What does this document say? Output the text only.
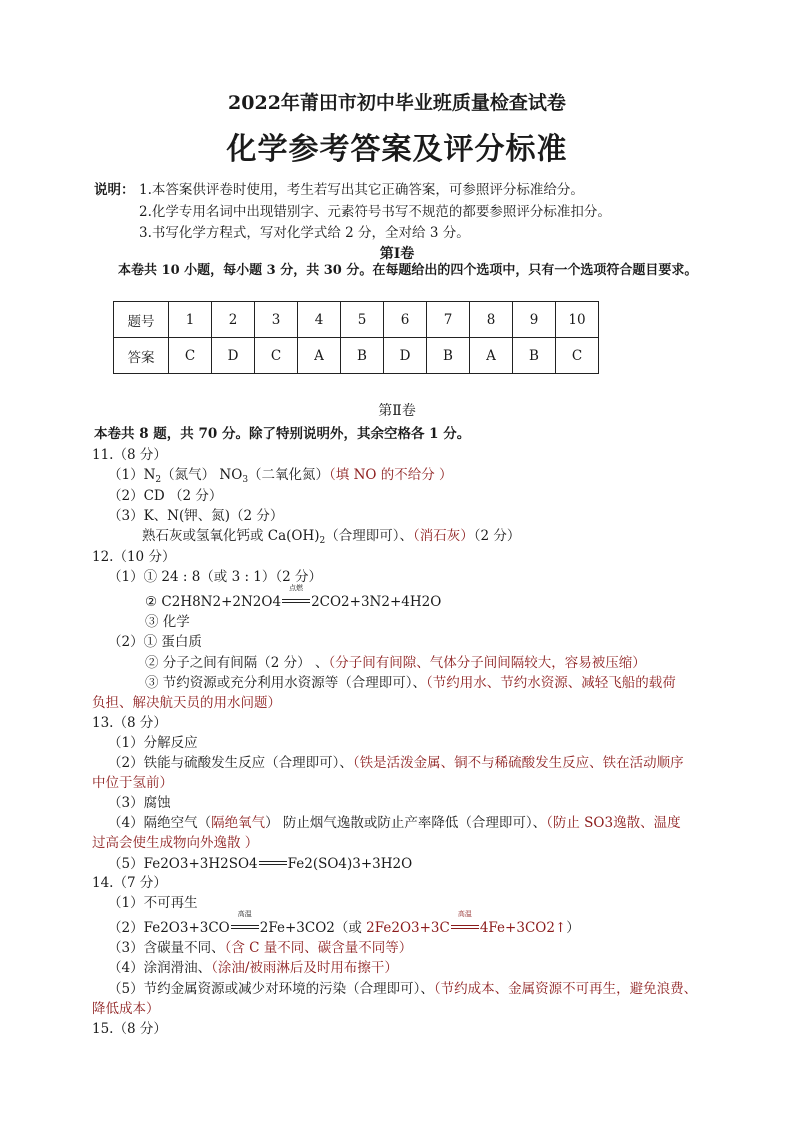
2022年莆田市初中毕业班质量检查试卷
化学参考答案及评分标准
说明： 1.本答案供评卷时使用，考生若写出其它正确答案，可参照评分标准给分。
2.化学专用名词中出现错别字、元素符号书写不规范的都要参照评分标准扣分。
3.书写化学方程式，写对化学式给 2 分，全对给 3 分。
第Ⅰ卷
本卷共 10 小题，每小题 3 分，共 30 分。在每题给出的四个选项中，只有一个选项符合题目要求。
题号	1	2	3	4	5	6	7	8	9	10
答案	C	D	C	A	B	D	B	A	B	C
第Ⅱ卷
本卷共 8 题，共 70 分。除了特别说明外，其余空格各 1 分。
11.（8 分）
$(1)N_2$（氮气） $NO_3$（二氧化氮）（填 NO 的不给分 ）
（2）CD （2 分）
（3）K、N(钾、氮)（2 分）
熟石灰或氢氧化钙或 $Ca(OH)_2$（合理即可）、（消石灰）（2 分）
12.（10 分）
（1）① 24 : 8（或 3 : 1）（2 分）
② C2H8N2+2N2O4
点燃
2CO2+3N2+4H2O
③ 化学
（2）① 蛋白质
② 分子之间有间隔（2 分） 、（分子间有间隙、气体分子间间隔较大，容易被压缩）
③ 节约资源或充分利用水资源等（合理即可）、（节约用水、节约水资源、减轻飞船的载荷
负担、解决航天员的用水问题）
13.（8 分）
（1）分解反应
（2）铁能与硫酸发生反应（合理即可）、（铁是活泼金属、铜不与稀硫酸发生反应、铁在活动顺序
中位于氢前）
（3）腐蚀
（4）隔绝空气（隔绝氧气） 防止烟气逸散或防止产率降低（合理即可）、（防止 SO3逸散、温度
过高会使生成物向外逸散 ）
（5）Fe2O3+3H2SO4 Fe2(SO4)3+3H2O
14.（7 分）
（1）不可再生
（2）Fe2O3+3CO
高温
2Fe+3CO2（或 2Fe2O3+3C
高温
4Fe+3CO2↑）
（3）含碳量不同、（含 C 量不同、碳含量不同等）
（4）涂润滑油、（涂油/被雨淋后及时用布擦干）
（5）节约金属资源或减少对环境的污染（合理即可）、（节约成本、金属资源不可再生，避免浪费、
降低成本）
15.（8 分）
